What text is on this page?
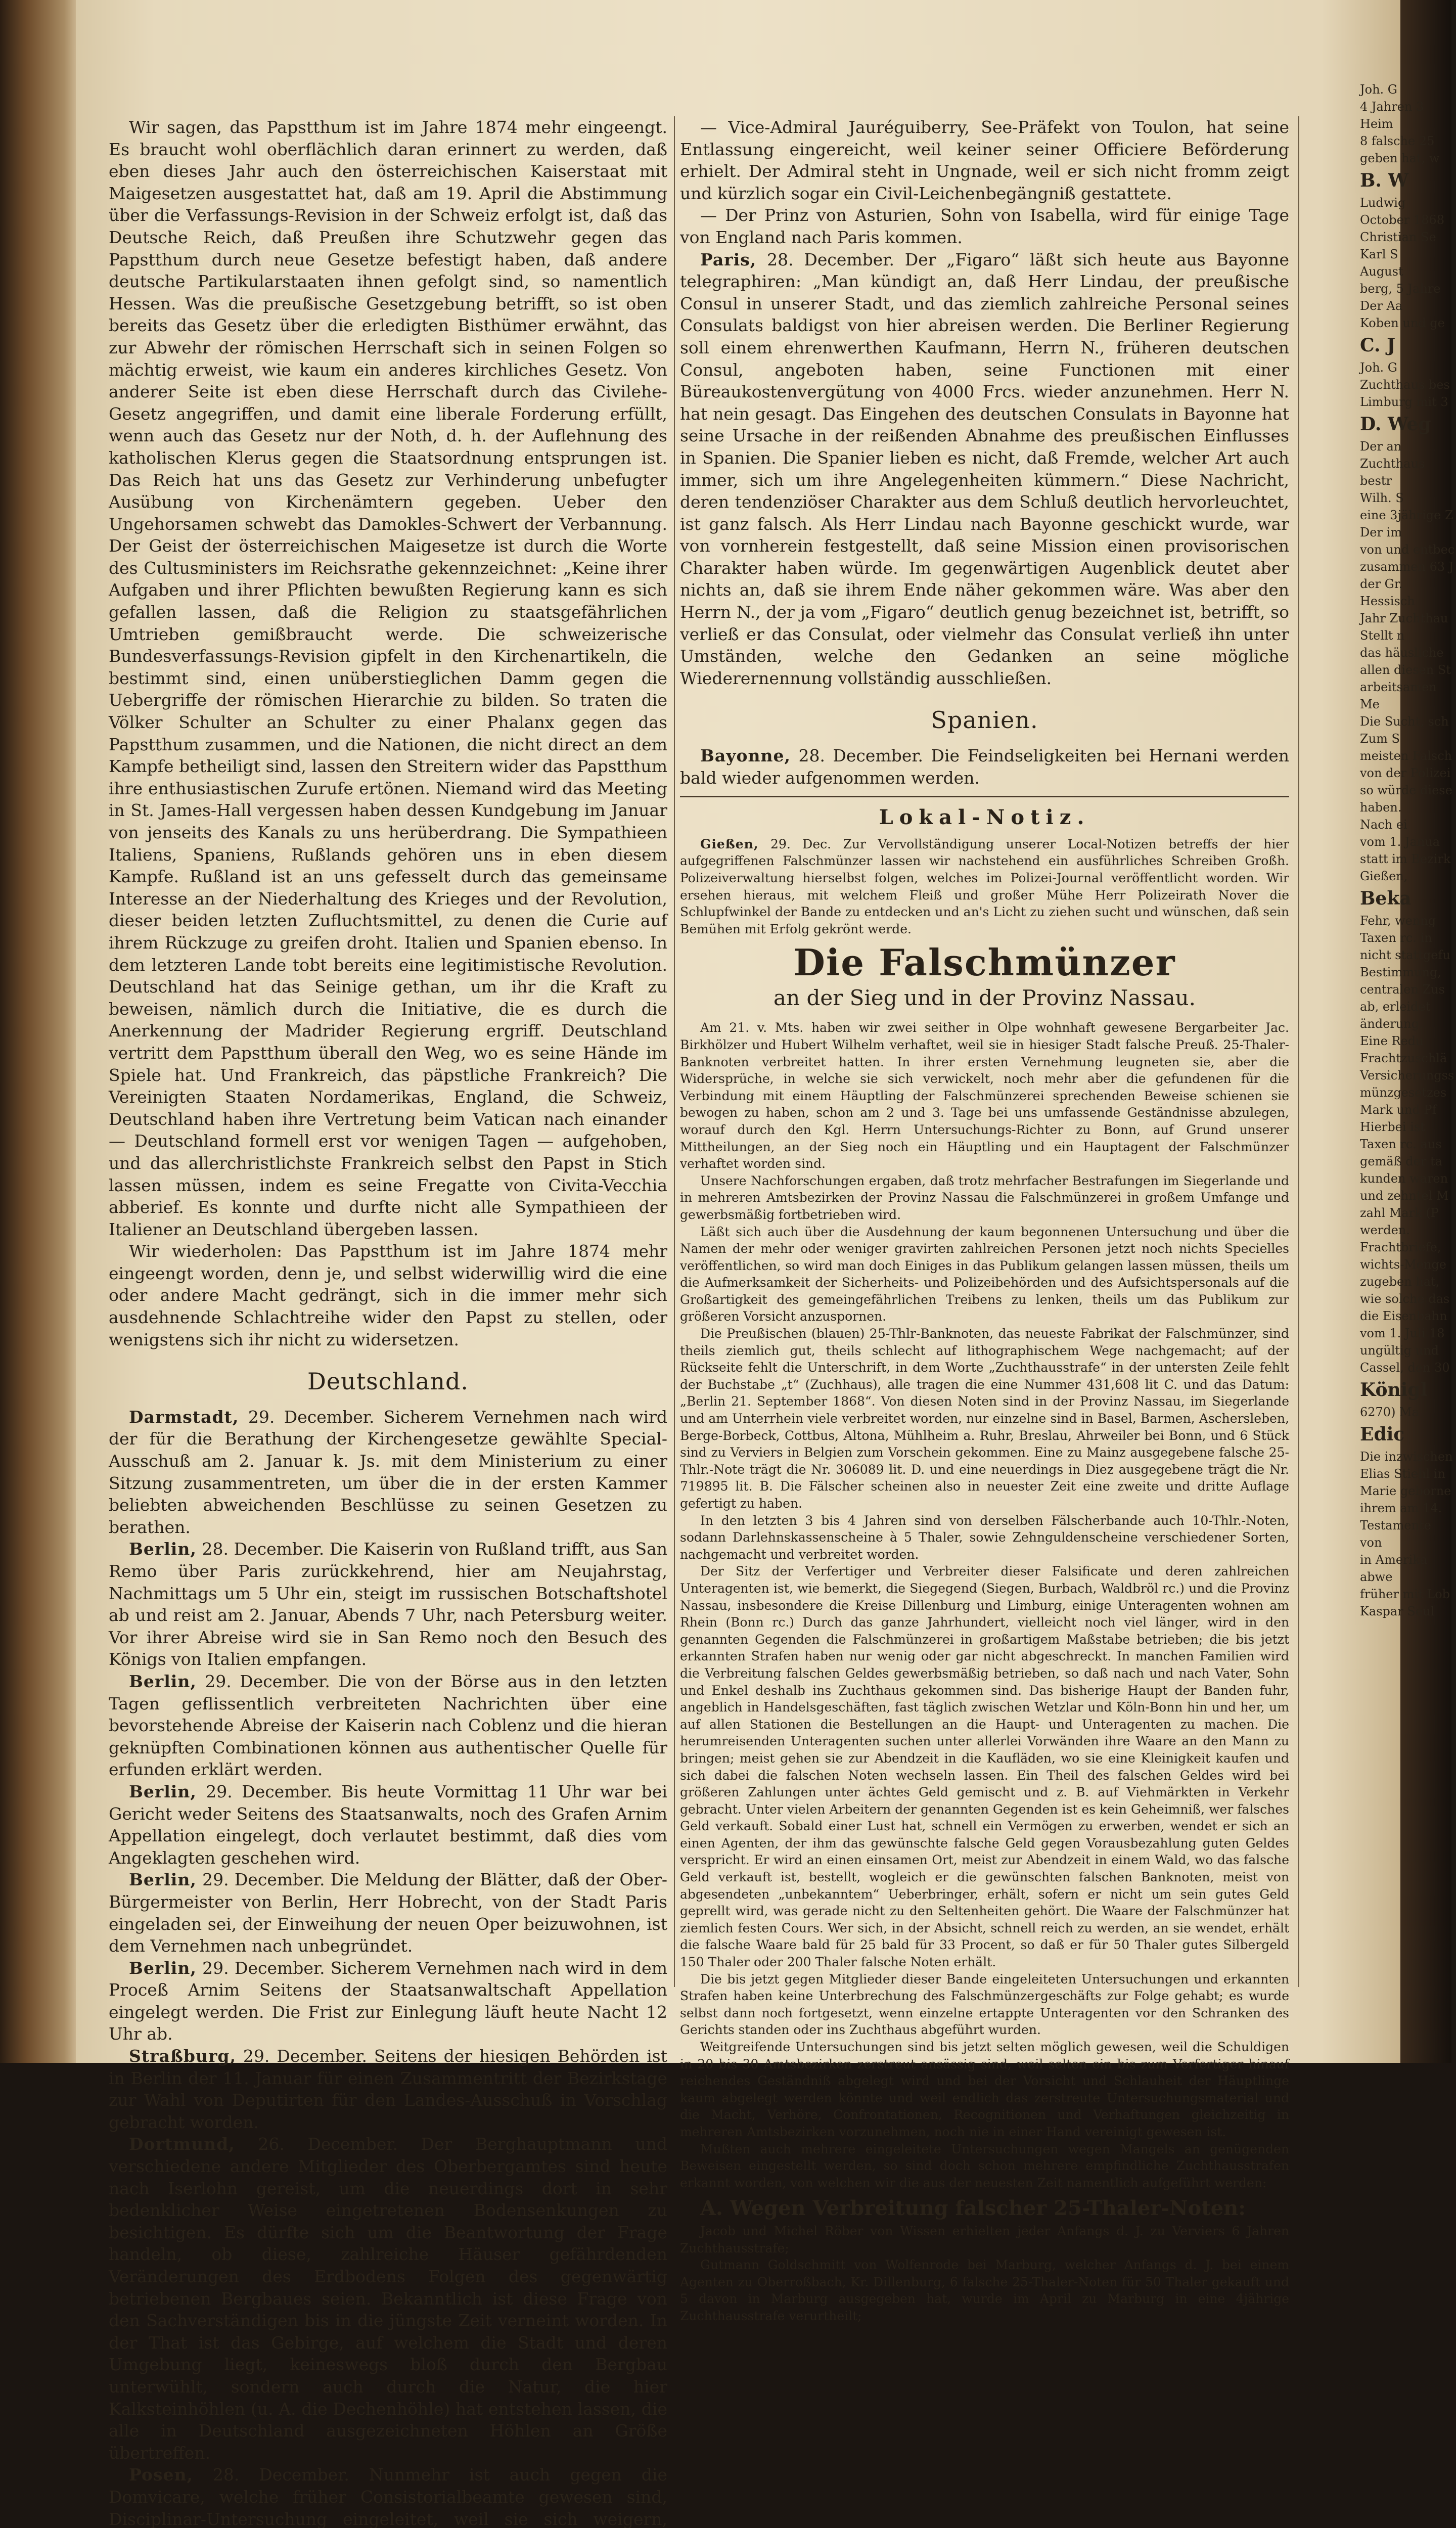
Wir sagen, das Papstthum ist im Jahre 1874 mehr eingeengt. Es braucht wohl oberflächlich daran erinnert zu werden, daß eben dieses Jahr auch den österreichischen Kaiserstaat mit Maigesetzen ausgestattet hat, daß am 19. April die Abstimmung über die Verfassungs-Revision in der Schweiz erfolgt ist, daß das Deutsche Reich, daß Preußen ihre Schutzwehr gegen das Papstthum durch neue Gesetze befestigt haben, daß andere deutsche Partikularstaaten ihnen gefolgt sind, so namentlich Hessen. Was die preußische Gesetzgebung betrifft, so ist oben bereits das Gesetz über die erledigten Bisthümer erwähnt, das zur Abwehr der römischen Herrschaft sich in seinen Folgen so mächtig erweist, wie kaum ein anderes kirchliches Gesetz. Von anderer Seite ist eben diese Herrschaft durch das Civilehe-Gesetz angegriffen, und damit eine liberale Forderung erfüllt, wenn auch das Gesetz nur der Noth, d. h. der Auflehnung des katholischen Klerus gegen die Staatsordnung entsprungen ist. Das Reich hat uns das Gesetz zur Verhinderung unbefugter Ausübung von Kirchenämtern gegeben. Ueber den Ungehorsamen schwebt das Damokles-Schwert der Verbannung. Der Geist der österreichischen Maigesetze ist durch die Worte des Cultusministers im Reichsrathe gekennzeichnet: „Keine ihrer Aufgaben und ihrer Pflichten bewußten Regierung kann es sich gefallen lassen, daß die Religion zu staatsgefährlichen Umtrieben gemißbraucht werde. Die schweizerische Bundesverfassungs-Revision gipfelt in den Kirchenartikeln, die bestimmt sind, einen unüberstieglichen Damm gegen die Uebergriffe der römischen Hierarchie zu bilden. So traten die Völker Schulter an Schulter zu einer Phalanx gegen das Papstthum zusammen, und die Nationen, die nicht direct an dem Kampfe betheiligt sind, lassen den Streitern wider das Papstthum ihre enthusiastischen Zurufe ertönen. Niemand wird das Meeting in St. James-Hall vergessen haben dessen Kundgebung im Januar von jenseits des Kanals zu uns herüberdrang. Die Sympathieen Italiens, Spaniens, Rußlands gehören uns in eben diesem Kampfe. Rußland ist an uns gefesselt durch das gemeinsame Interesse an der Niederhaltung des Krieges und der Revolution, dieser beiden letzten Zufluchtsmittel, zu denen die Curie auf ihrem Rückzuge zu greifen droht. Italien und Spanien ebenso. In dem letzteren Lande tobt bereits eine legitimistische Revolution. Deutschland hat das Seinige gethan, um ihr die Kraft zu beweisen, nämlich durch die Initiative, die es durch die Anerkennung der Madrider Regierung ergriff. Deutschland vertritt dem Papstthum überall den Weg, wo es seine Hände im Spiele hat. Und Frankreich, das päpstliche Frankreich? Die Vereinigten Staaten Nordamerikas, England, die Schweiz, Deutschland haben ihre Vertretung beim Vatican nach einander — Deutschland formell erst vor wenigen Tagen — aufgehoben, und das allerchristlichste Frankreich selbst den Papst in Stich lassen müssen, indem es seine Fregatte von Civita-Vecchia abberief. Es konnte und durfte nicht alle Sympathieen der Italiener an Deutschland übergeben lassen.

Wir wiederholen: Das Papstthum ist im Jahre 1874 mehr eingeengt worden, denn je, und selbst widerwillig wird die eine oder andere Macht gedrängt, sich in die immer mehr sich ausdehnende Schlachtreihe wider den Papst zu stellen, oder wenigstens sich ihr nicht zu widersetzen.

Deutschland.

Darmstadt, 29. December. Sicherem Vernehmen nach wird der für die Berathung der Kirchengesetze gewählte Special-Ausschuß am 2. Januar k. Js. mit dem Ministerium zu einer Sitzung zusammentreten, um über die in der ersten Kammer beliebten abweichenden Beschlüsse zu seinen Gesetzen zu berathen.

Berlin, 28. December. Die Kaiserin von Rußland trifft, aus San Remo über Paris zurückkehrend, hier am Neujahrstag, Nachmittags um 5 Uhr ein, steigt im russischen Botschaftshotel ab und reist am 2. Januar, Abends 7 Uhr, nach Petersburg weiter. Vor ihrer Abreise wird sie in San Remo noch den Besuch des Königs von Italien empfangen.

Berlin, 29. December. Die von der Börse aus in den letzten Tagen geflissentlich verbreiteten Nachrichten über eine bevorstehende Abreise der Kaiserin nach Coblenz und die hieran geknüpften Combinationen können aus authentischer Quelle für erfunden erklärt werden.

Berlin, 29. December. Bis heute Vormittag 11 Uhr war bei Gericht weder Seitens des Staatsanwalts, noch des Grafen Arnim Appellation eingelegt, doch verlautet bestimmt, daß dies vom Angeklagten geschehen wird.

Berlin, 29. December. Die Meldung der Blätter, daß der Ober-Bürgermeister von Berlin, Herr Hobrecht, von der Stadt Paris eingeladen sei, der Einweihung der neuen Oper beizuwohnen, ist dem Vernehmen nach unbegründet.

Berlin, 29. December. Sicherem Vernehmen nach wird in dem Proceß Arnim Seitens der Staatsanwaltschaft Appellation eingelegt werden. Die Frist zur Einlegung läuft heute Nacht 12 Uhr ab.

Straßburg, 29. December. Seitens der hiesigen Behörden ist in Berlin der 11. Januar für einen Zusammentritt der Bezirkstage zur Wahl von Deputirten für den Landes-Ausschuß in Vorschlag gebracht worden.

Dortmund, 26. December. Der Berghauptmann und verschiedene andere Mitglieder des Oberbergamtes sind heute nach Iserlohn gereist, um die neuerdings dort in sehr bedenklicher Weise eingetretenen Bodensenkungen zu besichtigen. Es dürfte sich um die Beantwortung der Frage handeln, ob diese, zahlreiche Häuser gefährdenden Veränderungen des Erdbodens Folgen des gegenwärtig betriebenen Bergbaues seien. Bekanntlich ist diese Frage von den Sachverständigen bis in die jüngste Zeit verneint worden. In der That ist das Gebirge, auf welchem die Stadt und deren Umgebung liegt, keineswegs bloß durch den Bergbau unterwühlt, sondern auch durch die Natur, die hier Kalksteinhöhlen (u. A. die Dechenhöhle) hat entstehen lassen, die alle in Deutschland ausgezeichneten Höhlen an Größe übertreffen.

Posen, 28. December. Nunmehr ist auch gegen die Domvicare, welche früher Consistorialbeamte gewesen sind, Disciplinar-Untersuchung eingeleitet, weil sie sich weigern,

— Vice-Admiral Jauréguiberry, See-Präfekt von Toulon, hat seine Entlassung eingereicht, weil keiner seiner Officiere Beförderung erhielt. Der Admiral steht in Ungnade, weil er sich nicht fromm zeigt und kürzlich sogar ein Civil-Leichenbegängniß gestattete.

— Der Prinz von Asturien, Sohn von Isabella, wird für einige Tage von England nach Paris kommen.

Paris, 28. December. Der „Figaro“ läßt sich heute aus Bayonne telegraphiren: „Man kündigt an, daß Herr Lindau, der preußische Consul in unserer Stadt, und das ziemlich zahlreiche Personal seines Consulats baldigst von hier abreisen werden. Die Berliner Regierung soll einem ehrenwerthen Kaufmann, Herrn N., früheren deutschen Consul, angeboten haben, seine Functionen mit einer Büreaukostenvergütung von 4000 Frcs. wieder anzunehmen. Herr N. hat nein gesagt. Das Eingehen des deutschen Consulats in Bayonne hat seine Ursache in der reißenden Abnahme des preußischen Einflusses in Spanien. Die Spanier lieben es nicht, daß Fremde, welcher Art auch immer, sich um ihre Angelegenheiten kümmern.“ Diese Nachricht, deren tendenziöser Charakter aus dem Schluß deutlich hervorleuchtet, ist ganz falsch. Als Herr Lindau nach Bayonne geschickt wurde, war von vornherein festgestellt, daß seine Mission einen provisorischen Charakter haben würde. Im gegenwärtigen Augenblick deutet aber nichts an, daß sie ihrem Ende näher gekommen wäre. Was aber den Herrn N., der ja vom „Figaro“ deutlich genug bezeichnet ist, betrifft, so verließ er das Consulat, oder vielmehr das Consulat verließ ihn unter Umständen, welche den Gedanken an seine mögliche Wiederernennung vollständig ausschließen.

Spanien.

Bayonne, 28. December. Die Feindseligkeiten bei Hernani werden bald wieder aufgenommen werden.

Lokal-Notiz.

Gießen, 29. Dec. Zur Vervollständigung unserer Local-Notizen betreffs der hier aufgegriffenen Falschmünzer lassen wir nachstehend ein ausführliches Schreiben Großh. Polizeiverwaltung hierselbst folgen, welches im Polizei-Journal veröffentlicht worden. Wir ersehen hieraus, mit welchem Fleiß und großer Mühe Herr Polizeirath Nover die Schlupfwinkel der Bande zu entdecken und an's Licht zu ziehen sucht und wünschen, daß sein Bemühen mit Erfolg gekrönt werde.

Die Falschmünzer
an der Sieg und in der Provinz Nassau.

Am 21. v. Mts. haben wir zwei seither in Olpe wohnhaft gewesene Bergarbeiter Jac. Birkhölzer und Hubert Wilhelm verhaftet, weil sie in hiesiger Stadt falsche Preuß. 25-Thaler-Banknoten verbreitet hatten. In ihrer ersten Vernehmung leugneten sie, aber die Widersprüche, in welche sie sich verwickelt, noch mehr aber die gefundenen für die Verbindung mit einem Häuptling der Falschmünzerei sprechenden Beweise schienen sie bewogen zu haben, schon am 2 und 3. Tage bei uns umfassende Geständnisse abzulegen, worauf durch den Kgl. Herrn Untersuchungs-Richter zu Bonn, auf Grund unserer Mittheilungen, an der Sieg noch ein Häuptling und ein Hauptagent der Falschmünzer verhaftet worden sind.

Unsere Nachforschungen ergaben, daß trotz mehrfacher Bestrafungen im Siegerlande und in mehreren Amtsbezirken der Provinz Nassau die Falschmünzerei in großem Umfange und gewerbsmäßig fortbetrieben wird.

Läßt sich auch über die Ausdehnung der kaum begonnenen Untersuchung und über die Namen der mehr oder weniger gravirten zahlreichen Personen jetzt noch nichts Specielles veröffentlichen, so wird man doch Einiges in das Publikum gelangen lassen müssen, theils um die Aufmerksamkeit der Sicherheits- und Polizeibehörden und des Aufsichtspersonals auf die Großartigkeit des gemeingefährlichen Treibens zu lenken, theils um das Publikum zur größeren Vorsicht anzuspornen.

Die Preußischen (blauen) 25-Thlr-Banknoten, das neueste Fabrikat der Falschmünzer, sind theils ziemlich gut, theils schlecht auf lithographischem Wege nachgemacht; auf der Rückseite fehlt die Unterschrift, in dem Worte „Zuchthausstrafe“ in der untersten Zeile fehlt der Buchstabe „t“ (Zuchhaus), alle tragen die eine Nummer 431,608 lit C. und das Datum: „Berlin 21. September 1868“. Von diesen Noten sind in der Provinz Nassau, im Siegerlande und am Unterrhein viele verbreitet worden, nur einzelne sind in Basel, Barmen, Aschersleben, Berge-Borbeck, Cottbus, Altona, Mühlheim a. Ruhr, Breslau, Ahrweiler bei Bonn, und 6 Stück sind zu Verviers in Belgien zum Vorschein gekommen. Eine zu Mainz ausgegebene falsche 25-Thlr.-Note trägt die Nr. 306089 lit. D. und eine neuerdings in Diez ausgegebene trägt die Nr. 719895 lit. B. Die Fälscher scheinen also in neuester Zeit eine zweite und dritte Auflage gefertigt zu haben.

In den letzten 3 bis 4 Jahren sind von derselben Fälscherbande auch 10-Thlr.-Noten, sodann Darlehnskassenscheine à 5 Thaler, sowie Zehnguldenscheine verschiedener Sorten, nachgemacht und verbreitet worden.

Der Sitz der Verfertiger und Verbreiter dieser Falsificate und deren zahlreichen Unteragenten ist, wie bemerkt, die Siegegend (Siegen, Burbach, Waldbröl rc.) und die Provinz Nassau, insbesondere die Kreise Dillenburg und Limburg, einige Unteragenten wohnen am Rhein (Bonn rc.) Durch das ganze Jahrhundert, vielleicht noch viel länger, wird in den genannten Gegenden die Falschmünzerei in großartigem Maßstabe betrieben; die bis jetzt erkannten Strafen haben nur wenig oder gar nicht abgeschreckt. In manchen Familien wird die Verbreitung falschen Geldes gewerbsmäßig betrieben, so daß nach und nach Vater, Sohn und Enkel deshalb ins Zuchthaus gekommen sind. Das bisherige Haupt der Banden fuhr, angeblich in Handelsgeschäften, fast täglich zwischen Wetzlar und Köln-Bonn hin und her, um auf allen Stationen die Bestellungen an die Haupt- und Unteragenten zu machen. Die herumreisenden Unteragenten suchen unter allerlei Vorwänden ihre Waare an den Mann zu bringen; meist gehen sie zur Abendzeit in die Kaufläden, wo sie eine Kleinigkeit kaufen und sich dabei die falschen Noten wechseln lassen. Ein Theil des falschen Geldes wird bei größeren Zahlungen unter ächtes Geld gemischt und z. B. auf Viehmärkten in Verkehr gebracht. Unter vielen Arbeitern der genannten Gegenden ist es kein Geheimniß, wer falsches Geld verkauft. Sobald einer Lust hat, schnell ein Vermögen zu erwerben, wendet er sich an einen Agenten, der ihm das gewünschte falsche Geld gegen Vorausbezahlung guten Geldes verspricht. Er wird an einen einsamen Ort, meist zur Abendzeit in einem Wald, wo das falsche Geld verkauft ist, bestellt, wogleich er die gewünschten falschen Banknoten, meist von abgesendeten „unbekanntem“ Ueberbringer, erhält, sofern er nicht um sein gutes Geld geprellt wird, was gerade nicht zu den Seltenheiten gehört. Die Waare der Falschmünzer hat ziemlich festen Cours. Wer sich, in der Absicht, schnell reich zu werden, an sie wendet, erhält die falsche Waare bald für 25 bald für 33 Procent, so daß er für 50 Thaler gutes Silbergeld 150 Thaler oder 200 Thaler falsche Noten erhält.

Die bis jetzt gegen Mitglieder dieser Bande eingeleiteten Untersuchungen und erkannten Strafen haben keine Unterbrechung des Falschmünzergeschäfts zur Folge gehabt; es wurde selbst dann noch fortgesetzt, wenn einzelne ertappte Unteragenten vor den Schranken des Gerichts standen oder ins Zuchthaus abgeführt wurden.

Weitgreifende Untersuchungen sind bis jetzt selten möglich gewesen, weil die Schuldigen in 20 bis 30 Amtsbezirken zerstreut ansässig sind, weil selten ein bis zum Verfertiger hinauf reichendes Geständniß abgelegt wird und bei der Vorsicht und Schlauheit der Häuptlinge kaum abgelegt werden könnte und weil endlich das zerstreute Untersuchungsmaterial und die Macht, Verhöre, Confrontationen, Recognitionen und Verhaftungen gleichzeitig in mehreren Amtsbezirken vorzunehmen, noch nie in einer Hand vereinigt gewesen ist.

Mußten auch mehrere eingeleitete Untersuchungen wegen Mangels an genügenden Beweisen eingestellt werden, so sind doch schon mehrere empfindliche Zuchthausstrafen erkannt worden, von welchen wir die aus der neuesten Zeit namentlich aufgeführt werden:

A. Wegen Verbreitung falscher 25-Thaler-Noten:

Jacob und Michel Röber von Wissen erhielten jeder Anfangs d. J. zu Verviers 6 Jahren Zuchthausstrafe;

Gutmann Goldschmitt von Wolfenrode bei Marburg, welcher Anfangs d. J. bei einem Agenten zu Oberroßbach, Kr. Dillenburg, 6 falsche 25-Thaler-Noten für 50 Thaler gekauft und 5 davon in Marburg ausgegeben hat, wurde im April zu Marburg in eine 4jährige Zuchthausstrafe verurtheilt;

Joh. G
4 Jahren 3
Heim
8 falsche 25
geben hat, w
B. W
Ludwig
October 1868
Christian Se
Karl S
August
berg, 5 Jahre
Der Aa
Koben und ge
C. J
Joh. G
Zuchthaus bes
Limburg mit 3
D. Weg
Der an
Zuchthaus bestr
Wilh. S
eine 3jährige Z
Der im
von und entbec
zusammen 63 J
der Gr. Hessisch
Jahr Zuchthau
Stellt n
das häusliche
allen diesen St
arbeitsamen Me
Die Sucht, sch
Zum S
meisten Falsch
von der Polizei
so würde diese
haben.
Nach ei
vom 1. Janua
statt im Bezirk
Gießen,
Beka
Fehr, wenng
Taxen rc. in
nicht stattgefu
Bestimmung,
centralen Zus
ab, erleidet
änderung.
Eine Redu
Frachtzuschlä
Versicherungss
münzgesetzes
Mark und Pf
Hierbei ist
Taxen rc. aus
gemäß der ta
kunden waren
und zehntel M
zahl Mark (P
werden.
Frachtbriefe,
wichts-Menge
zugeben hat,
wie solche das
die Eisenbahn
vom 1. Juli 18
ungültig und
Cassel, den 30
Königl
6270) Ma
Edic
Die inzwischen
Elias Stiehl in
Marie geborne
ihrem am 14.
Testamente von
in Amerika abwe
früher mit Lob
Kaspar Seul
